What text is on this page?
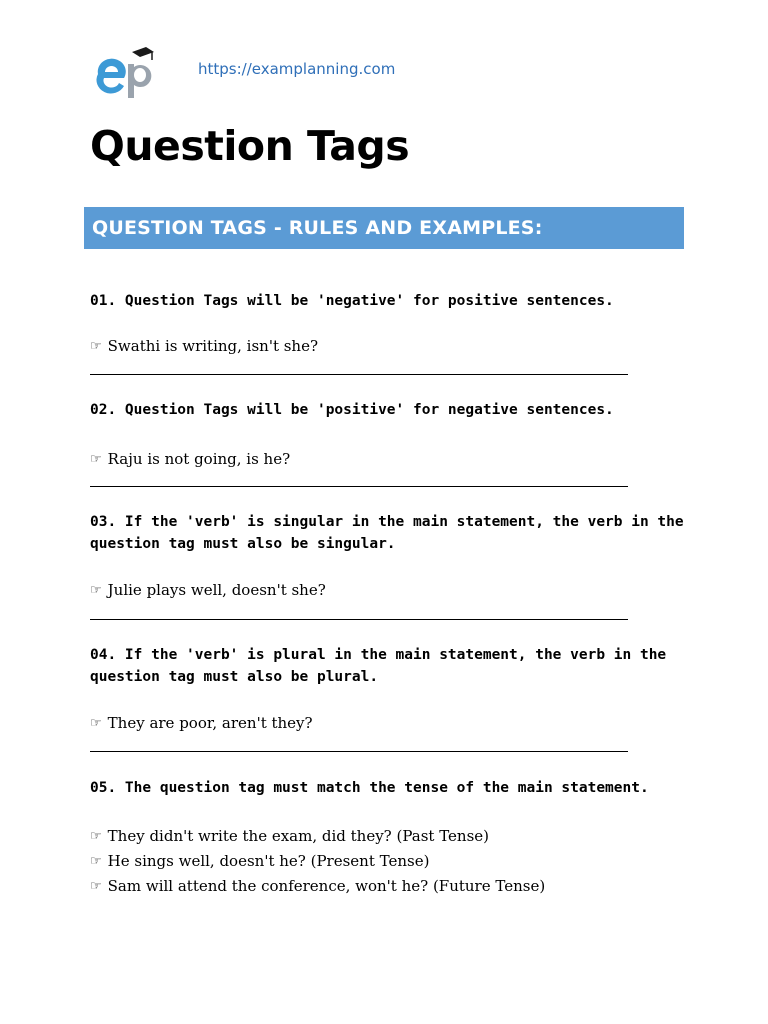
https://examplanning.com
Question Tags
QUESTION TAGS - RULES AND EXAMPLES:

01. Question Tags will be 'negative' for positive sentences.

☞ Swathi is writing, isn't she?

02. Question Tags will be 'positive' for negative sentences.

☞ Raju is not going, is he?

03. If the 'verb' is singular in the main statement, the verb in the question tag must also be singular.

☞ Julie plays well, doesn't she?

04. If the 'verb' is plural in the main statement, the verb in the question tag must also be plural.

☞ They are poor, aren't they?

05. The question tag must match the tense of the main statement.

☞ They didn't write the exam, did they? (Past Tense)

☞ He sings well, doesn't he? (Present Tense)

☞ Sam will attend the conference, won't he? (Future Tense)
